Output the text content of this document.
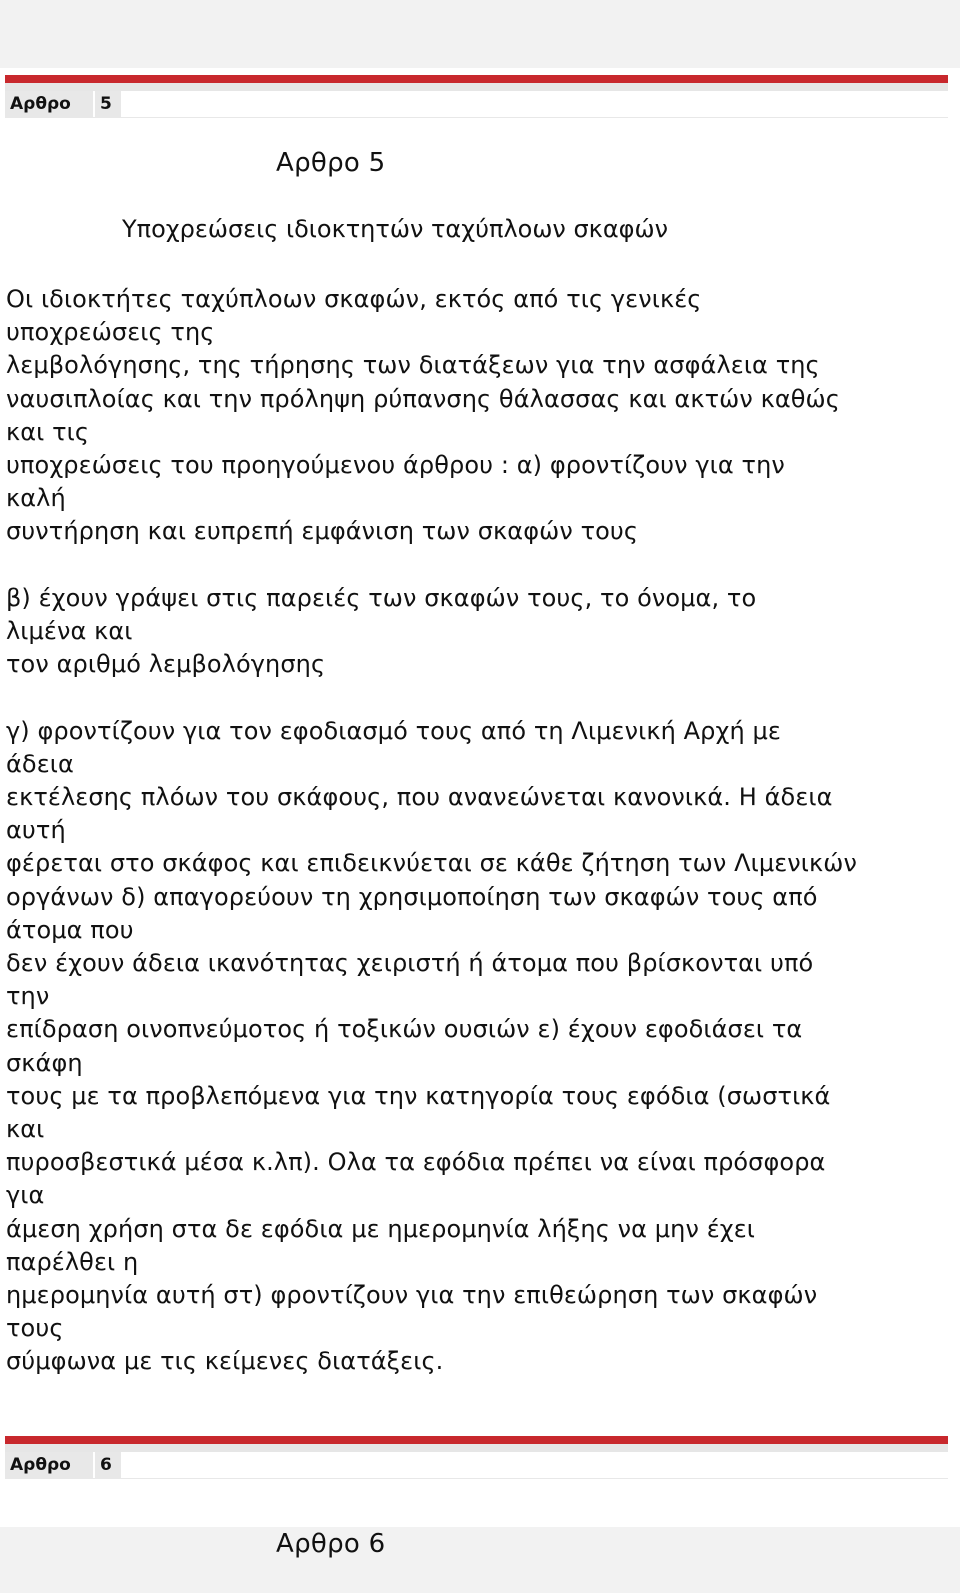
Αρθρο	5
Αρθρο 5
Υποχρεώσεις ιδιοκτητών ταχύπλοων σκαφών
Οι ιδιοκτήτες ταχύπλοων σκαφών, εκτός από τις γενικές
υποχρεώσεις της
λεμβολόγησης, της τήρησης των διατάξεων για την ασφάλεια της
ναυσιπλοίας και την πρόληψη ρύπανσης θάλασσας και ακτών καθώς
και τις
υποχρεώσεις του προηγούμενου άρθρου : α) φροντίζουν για την
καλή
συντήρηση και ευπρεπή εμφάνιση των σκαφών τους
β) έχουν γράψει στις παρειές των σκαφών τους, το όνομα, το
λιμένα και
τον αριθμό λεμβολόγησης
γ) φροντίζουν για τον εφοδιασμό τους από τη Λιμενική Αρχή με
άδεια
εκτέλεσης πλόων του σκάφους, που ανανεώνεται κανονικά. Η άδεια
αυτή
φέρεται στο σκάφος και επιδεικνύεται σε κάθε ζήτηση των Λιμενικών
οργάνων δ) απαγορεύουν τη χρησιμοποίηση των σκαφών τους από
άτομα που
δεν έχουν άδεια ικανότητας χειριστή ή άτομα που βρίσκονται υπό
την
επίδραση οινοπνεύμοτος ή τοξικών ουσιών ε) έχουν εφοδιάσει τα
σκάφη
τους με τα προβλεπόμενα για την κατηγορία τους εφόδια (σωστικά
και
πυροσβεστικά μέσα κ.λπ). Ολα τα εφόδια πρέπει να είναι πρόσφορα
για
άμεση χρήση στα δε εφόδια με ημερομηνία λήξης να μην έχει
παρέλθει η
ημερομηνία αυτή στ) φροντίζουν για την επιθεώρηση των σκαφών
τους
σύμφωνα με τις κείμενες διατάξεις.
Αρθρο	6
Αρθρο 6
